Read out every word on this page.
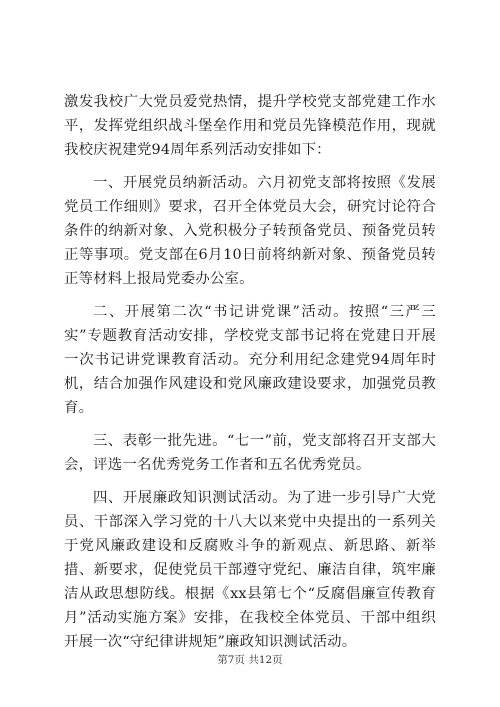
激发我校广大党员爱党热情，提升学校党支部党建工作水平，发挥党组织战斗堡垒作用和党员先锋模范作用，现就我校庆祝建党94周年系列活动安排如下：

一、开展党员纳新活动。六月初党支部将按照《发展党员工作细则》要求，召开全体党员大会，研究讨论符合条件的纳新对象、入党积极分子转预备党员、预备党员转正等事项。党支部在6月10日前将纳新对象、预备党员转正等材料上报局党委办公室。

二、开展第二次“书记讲党课”活动。按照“三严三实”专题教育活动安排，学校党支部书记将在党建日开展一次书记讲党课教育活动。充分利用纪念建党94周年时机，结合加强作风建设和党风廉政建设要求，加强党员教育。

三、表彰一批先进。“七一”前，党支部将召开支部大会，评选一名优秀党务工作者和五名优秀党员。

四、开展廉政知识测试活动。为了进一步引导广大党员、干部深入学习党的十八大以来党中央提出的一系列关于党风廉政建设和反腐败斗争的新观点、新思路、新举措、新要求，促使党员干部遵守党纪、廉洁自律，筑牢廉洁从政思想防线。根据《xx县第七个“反腐倡廉宣传教育月”活动实施方案》安排，在我校全体党员、干部中组织开展一次“守纪律讲规矩”廉政知识测试活动。

第7页 共12页
